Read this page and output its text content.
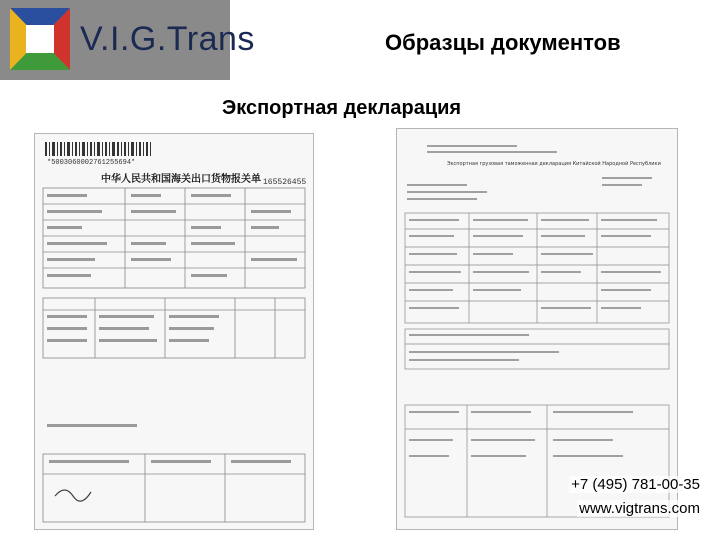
V.I.G.Trans	Образцы документов
Экспортная декларация
*5003060002761255694*
中华人民共和国海关出口货物报关单 165526455
Экспортная грузовая таможенная декларация Китайской Народной Республики
+7 (495) 781-00-35
www.vigtrans.com
